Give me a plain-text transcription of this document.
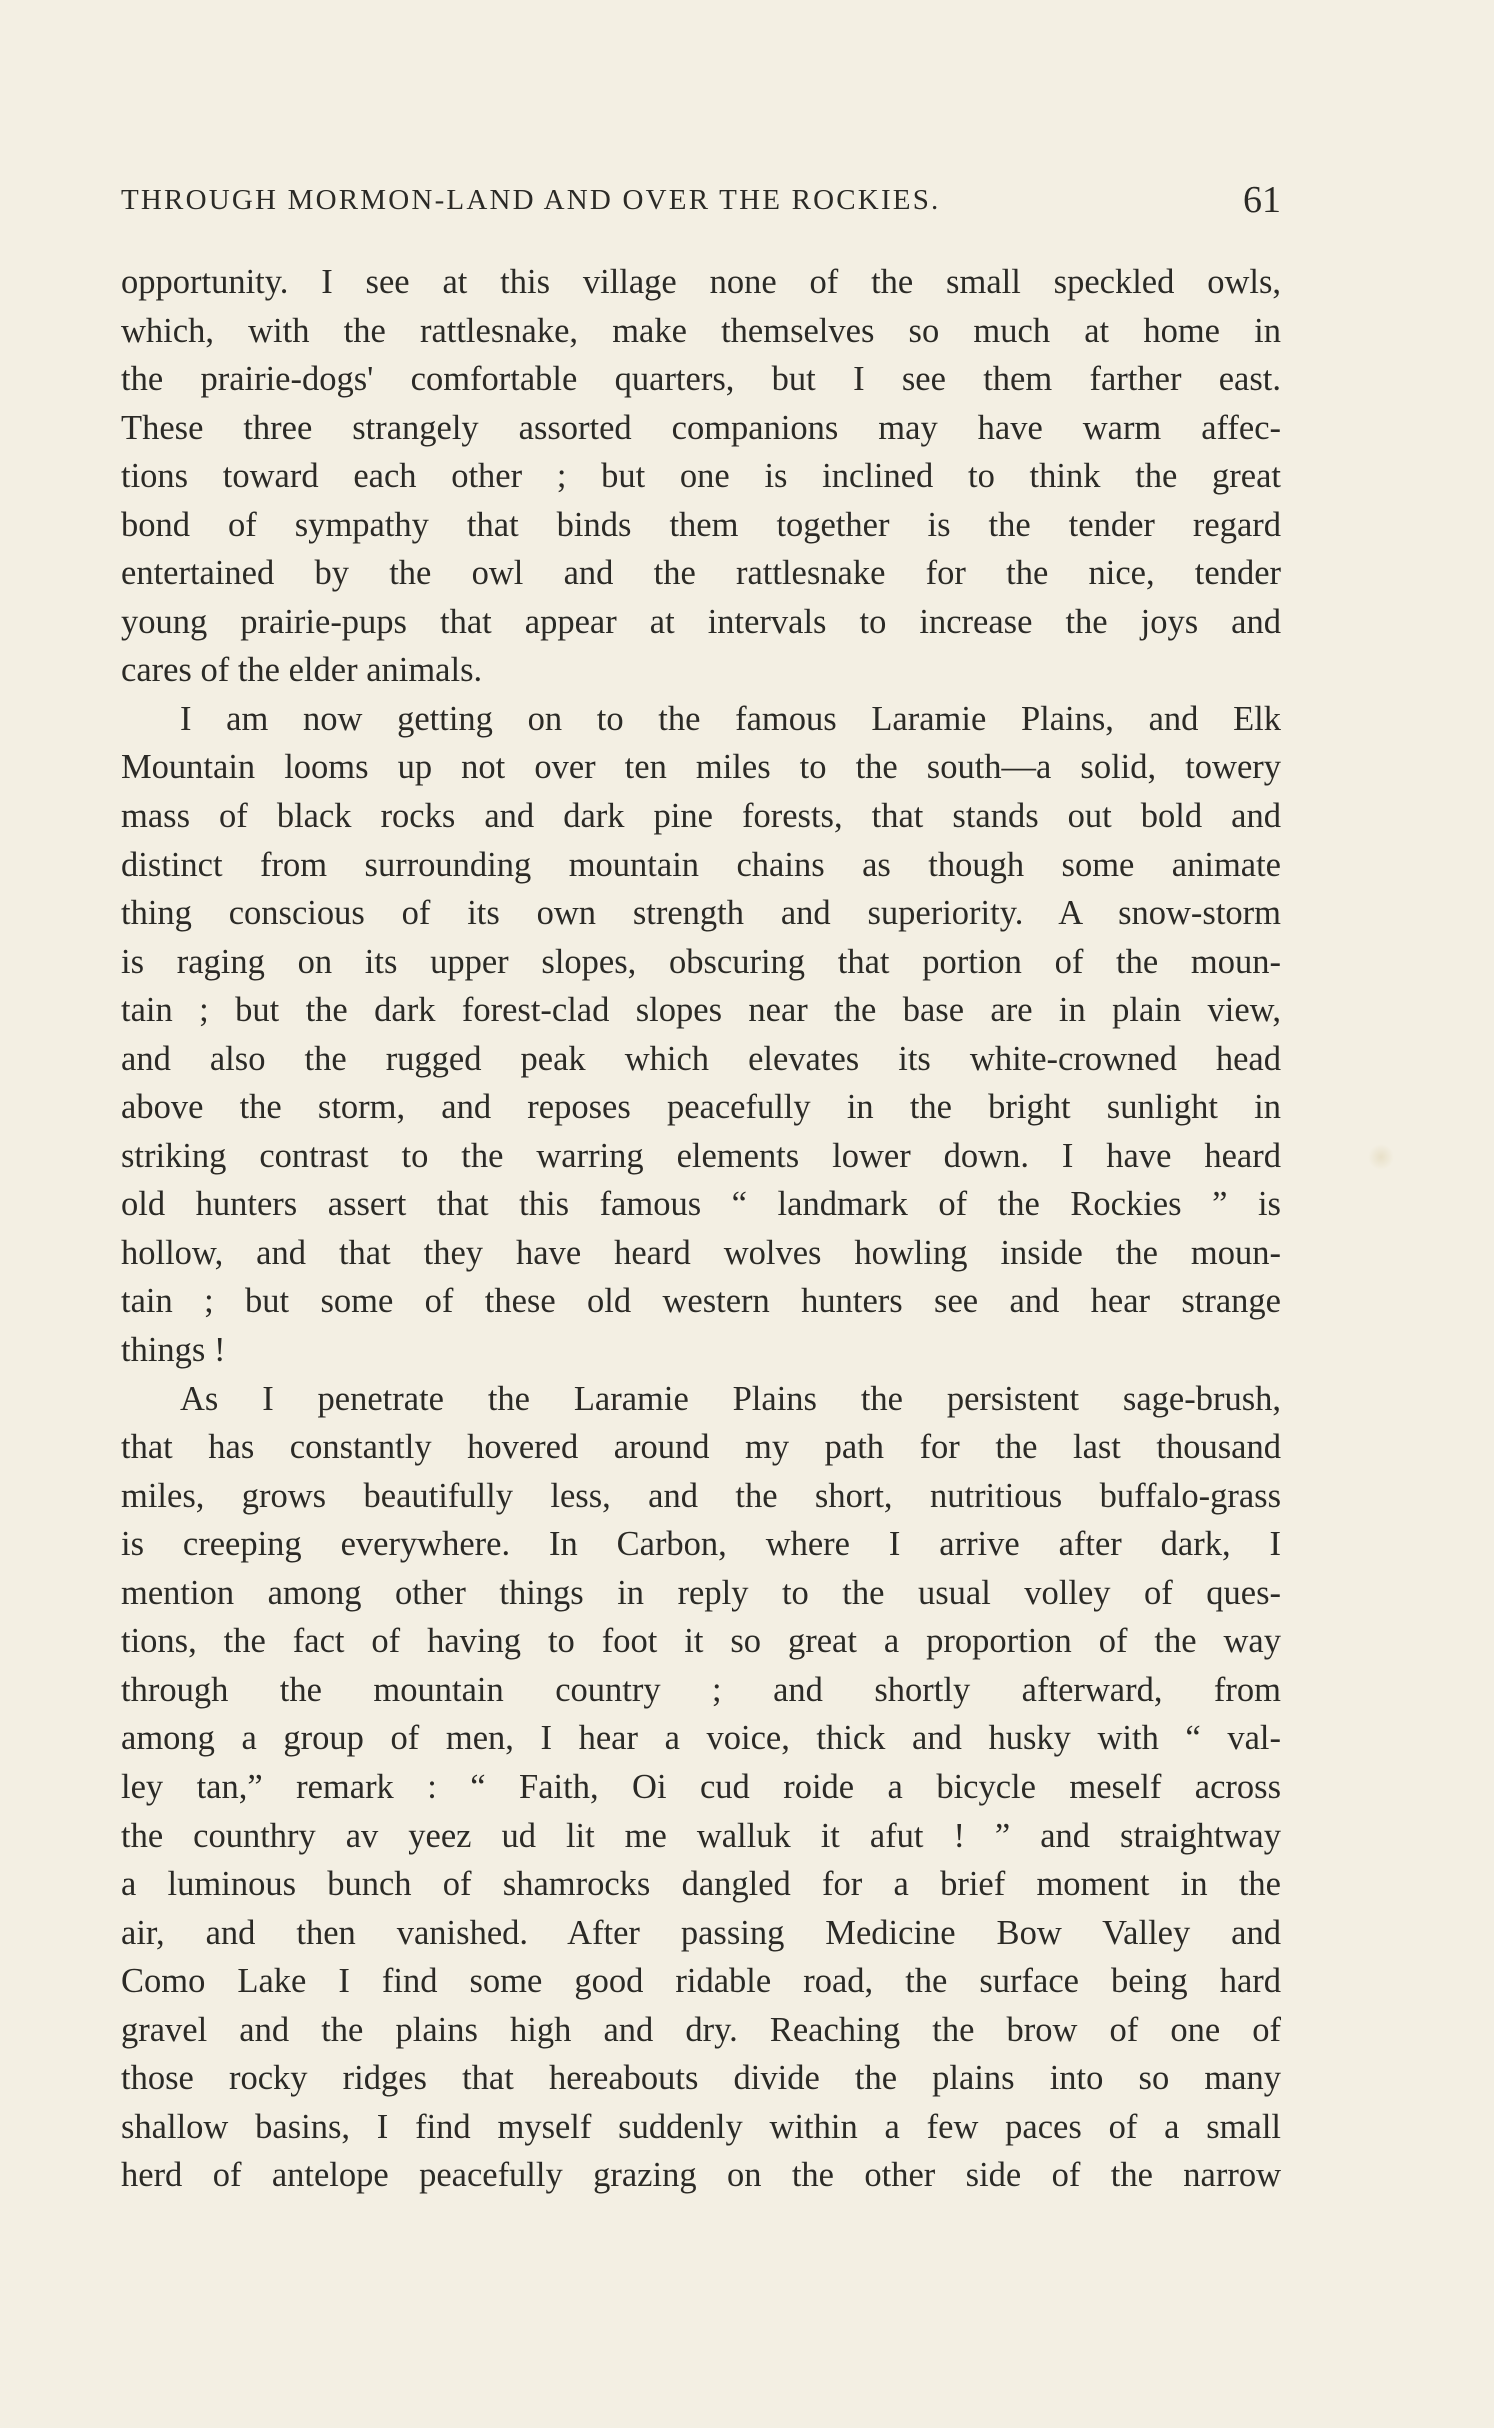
THROUGH MORMON-LAND AND OVER THE ROCKIES.	61
opportunity. I see at this village none of the small speckled owls,
which, with the rattlesnake, make themselves so much at home in
the prairie-dogs' comfortable quarters, but I see them farther east.
These three strangely assorted companions may have warm affec-
tions toward each other ; but one is inclined to think the great
bond of sympathy that binds them together is the tender regard
entertained by the owl and the rattlesnake for the nice, tender
young prairie-pups that appear at intervals to increase the joys and
cares of the elder animals.
I am now getting on to the famous Laramie Plains, and Elk
Mountain looms up not over ten miles to the south—a solid, towery
mass of black rocks and dark pine forests, that stands out bold and
distinct from surrounding mountain chains as though some animate
thing conscious of its own strength and superiority. A snow-storm
is raging on its upper slopes, obscuring that portion of the moun-
tain ; but the dark forest-clad slopes near the base are in plain view,
and also the rugged peak which elevates its white-crowned head
above the storm, and reposes peacefully in the bright sunlight in
striking contrast to the warring elements lower down. I have heard
old hunters assert that this famous “ landmark of the Rockies ” is
hollow, and that they have heard wolves howling inside the moun-
tain ; but some of these old western hunters see and hear strange
things !
As I penetrate the Laramie Plains the persistent sage-brush,
that has constantly hovered around my path for the last thousand
miles, grows beautifully less, and the short, nutritious buffalo-grass
is creeping everywhere. In Carbon, where I arrive after dark, I
mention among other things in reply to the usual volley of ques-
tions, the fact of having to foot it so great a proportion of the way
through the mountain country ; and shortly afterward, from
among a group of men, I hear a voice, thick and husky with “ val-
ley tan,” remark : “ Faith, Oi cud roide a bicycle meself across
the counthry av yeez ud lit me walluk it afut ! ” and straightway
a luminous bunch of shamrocks dangled for a brief moment in the
air, and then vanished. After passing Medicine Bow Valley and
Como Lake I find some good ridable road, the surface being hard
gravel and the plains high and dry. Reaching the brow of one of
those rocky ridges that hereabouts divide the plains into so many
shallow basins, I find myself suddenly within a few paces of a small
herd of antelope peacefully grazing on the other side of the narrow
